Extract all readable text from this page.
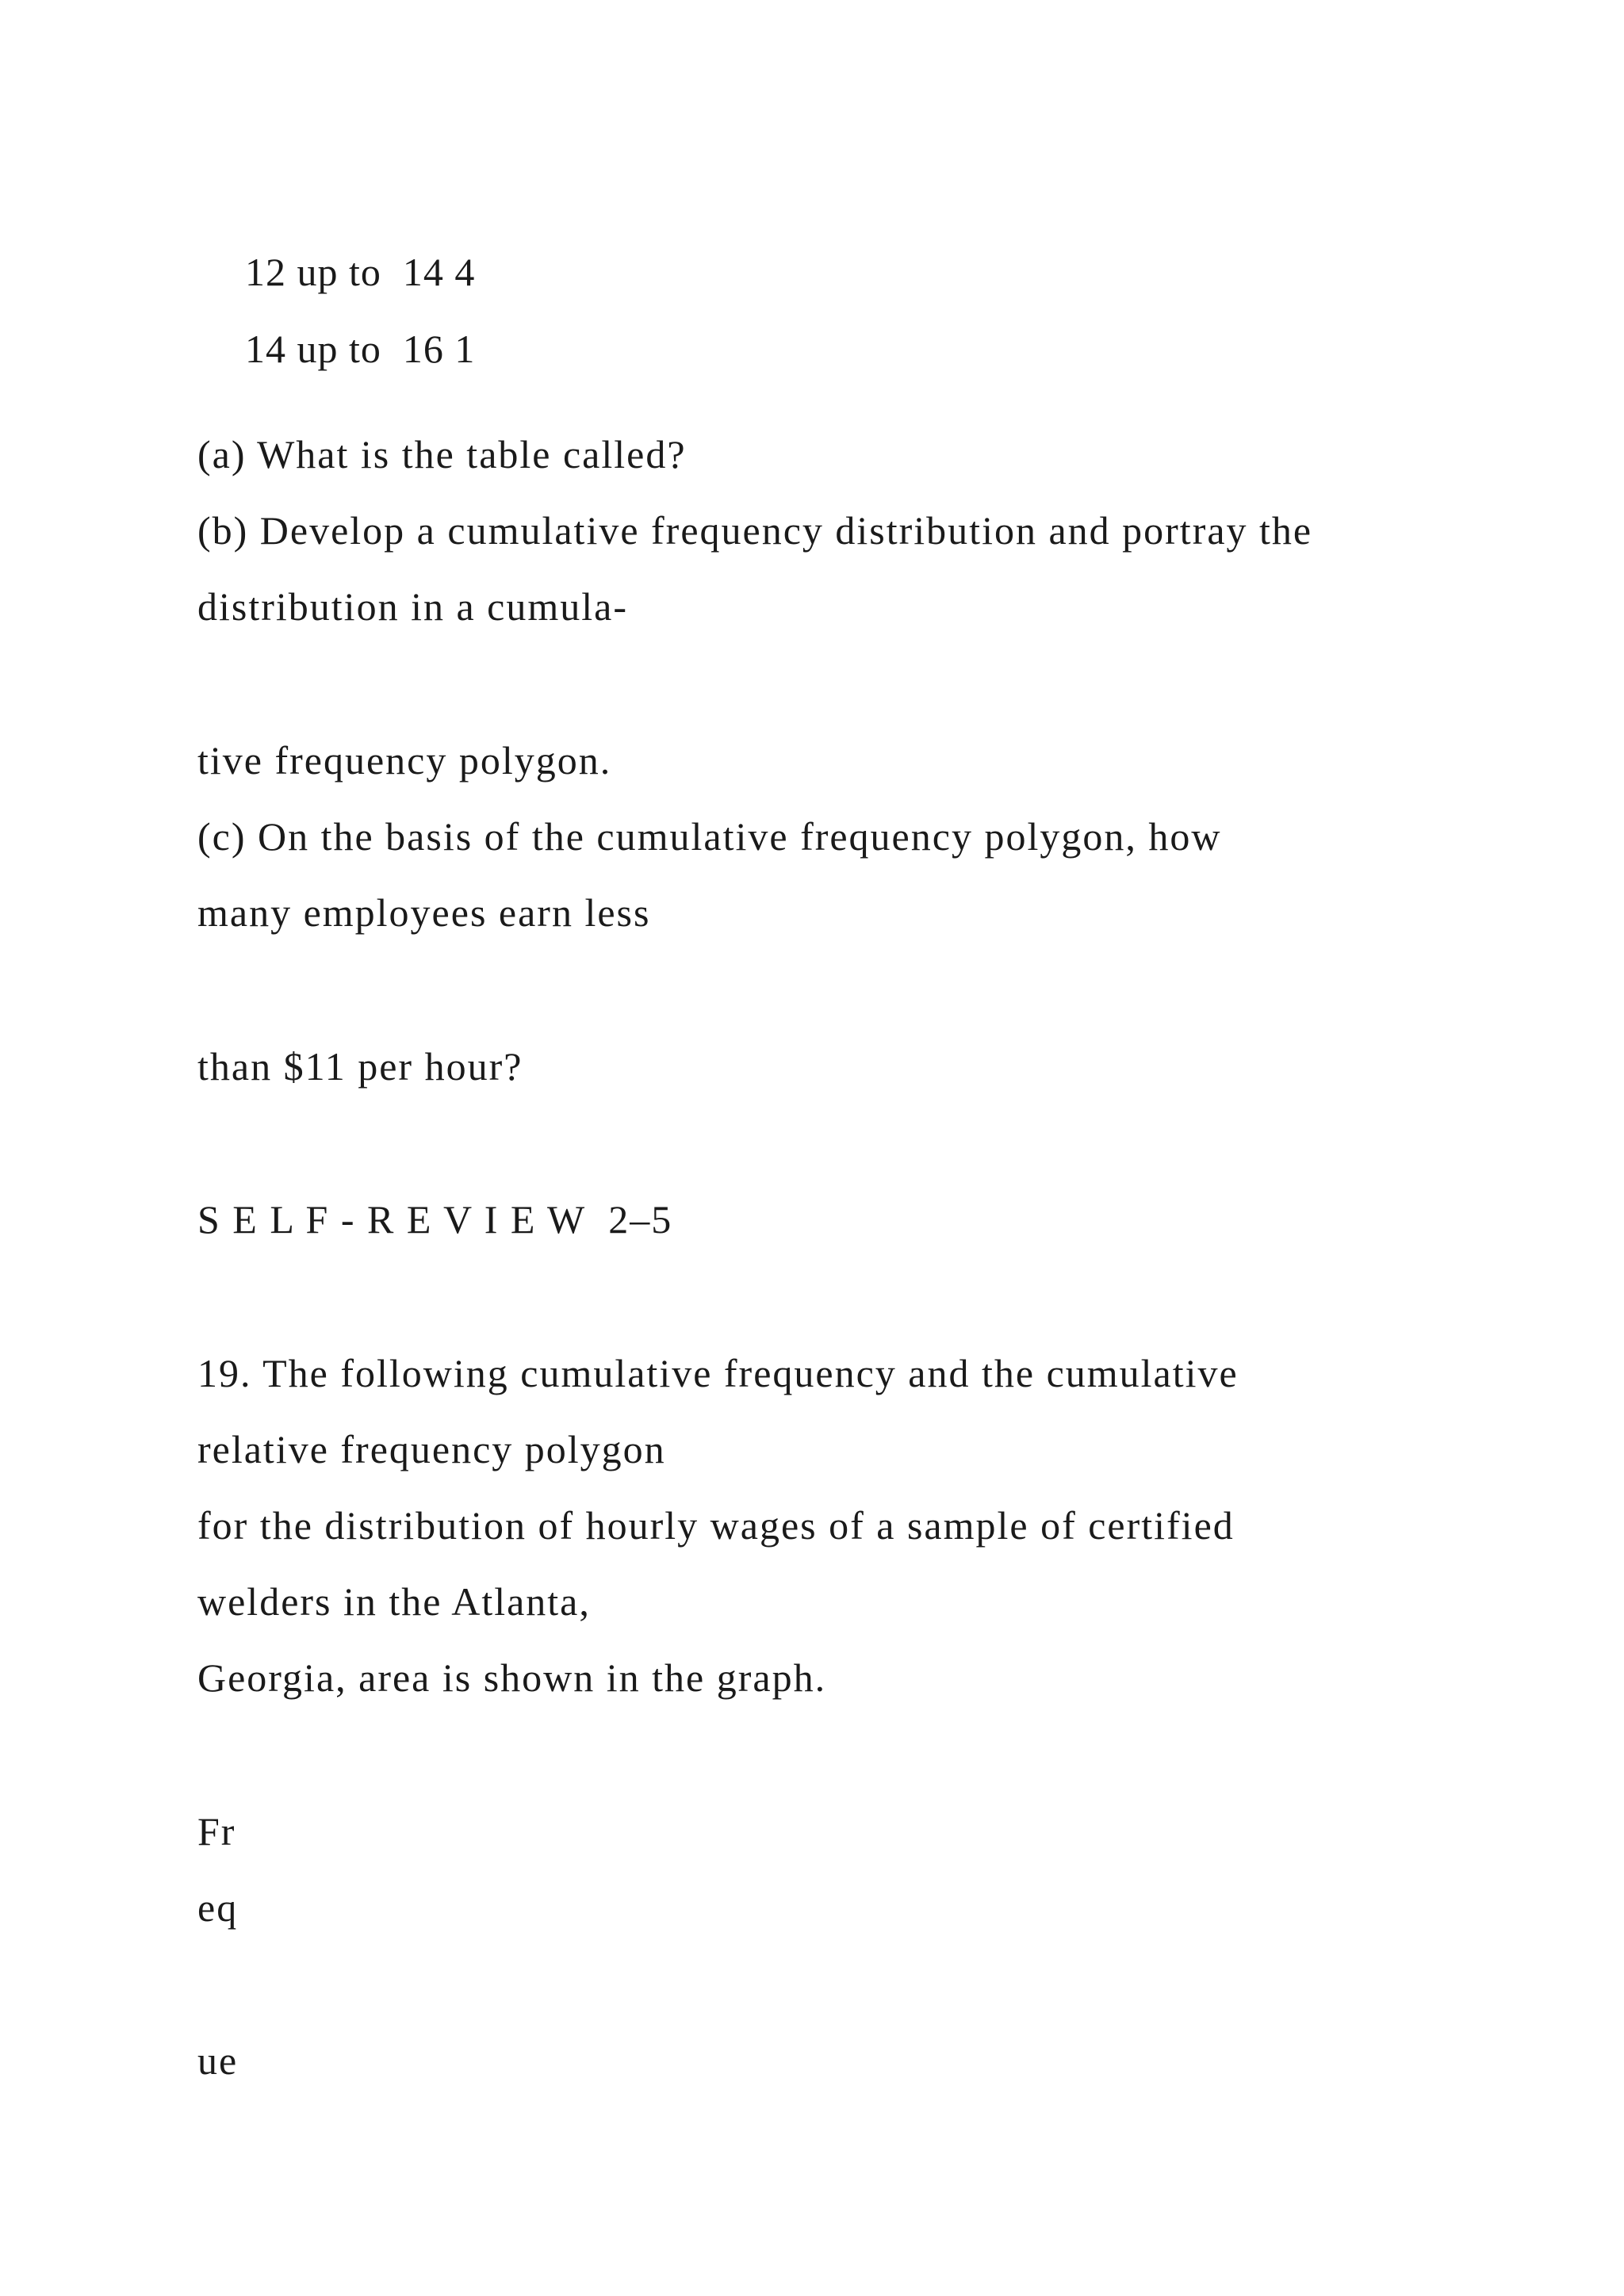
12 up to  14 4

14 up to  16 1

(a) What is the table called?
(b) Develop a cumulative frequency distribution and portray the
distribution in a cumula-
tive frequency polygon.
(c) On the basis of the cumulative frequency polygon, how
many employees earn less
than $11 per hour?
S E L F - R E V I E W  2–5
19. The following cumulative frequency and the cumulative
relative frequency polygon
for the distribution of hourly wages of a sample of certified
welders in the Atlanta,
Georgia, area is shown in the graph.
Fr
eq
ue
